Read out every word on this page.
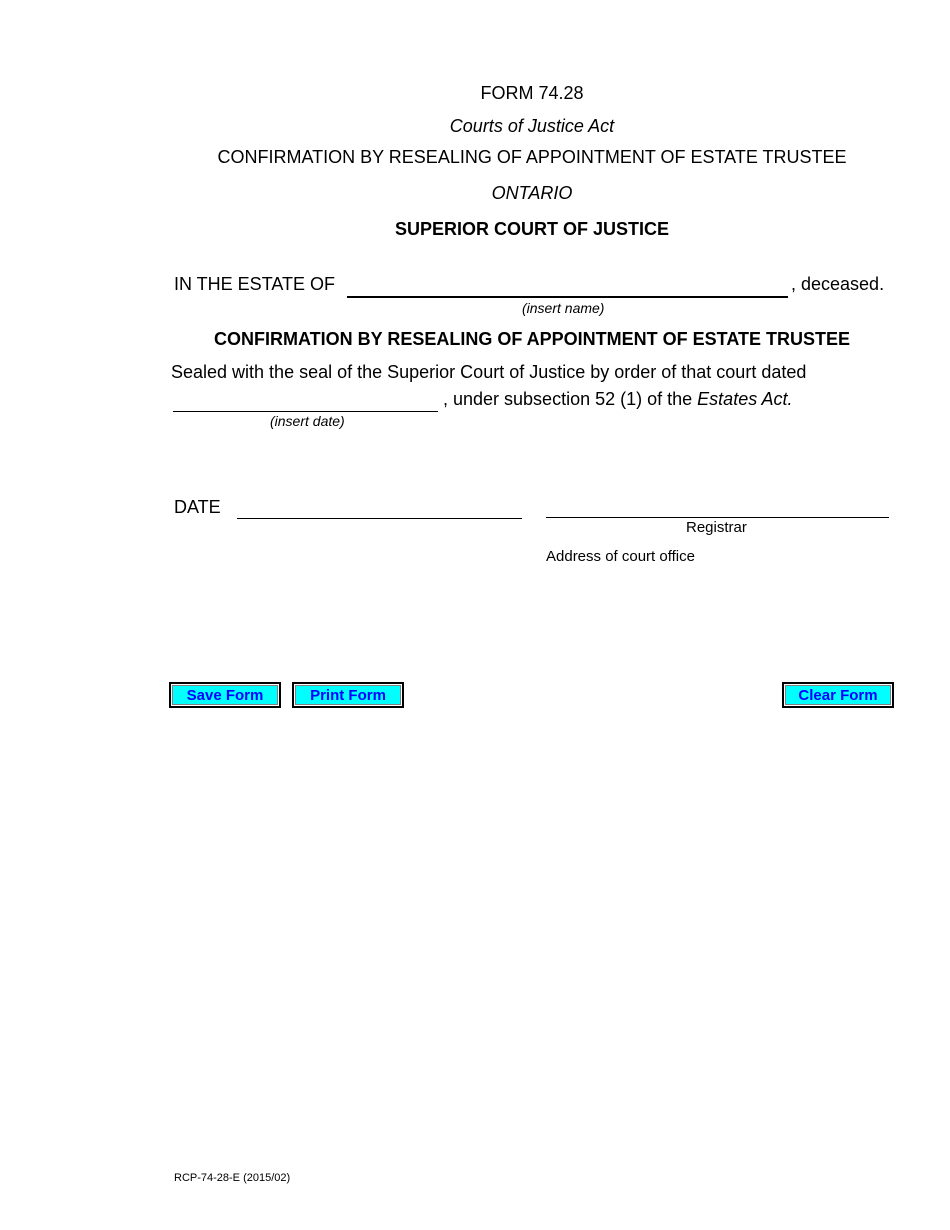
FORM 74.28
Courts of Justice Act
CONFIRMATION BY RESEALING OF APPOINTMENT OF ESTATE TRUSTEE
ONTARIO
SUPERIOR COURT OF JUSTICE
IN THE ESTATE OF	, deceased.
(insert name)
CONFIRMATION BY RESEALING OF APPOINTMENT OF ESTATE TRUSTEE
Sealed with the seal of the Superior Court of Justice by order of that court dated
, under subsection 52 (1) of the Estates Act.
(insert date)
DATE
Registrar
Address of court office
Save Form	Print Form	Clear Form
RCP-74-28-E (2015/02)
